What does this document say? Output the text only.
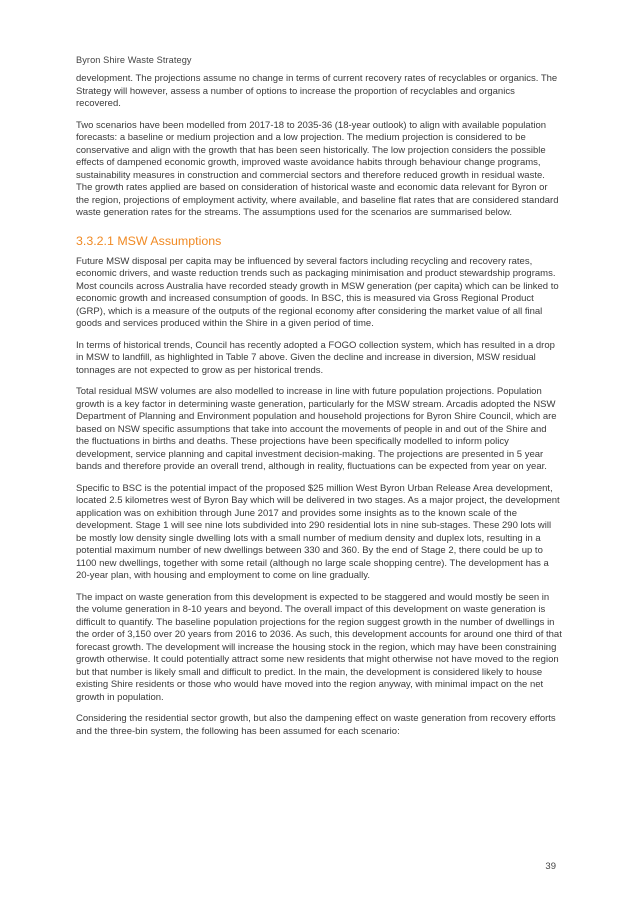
Byron Shire Waste Strategy

development. The projections assume no change in terms of current recovery rates of recyclables or organics. The Strategy will however, assess a number of options to increase the proportion of recyclables and organics recovered.

Two scenarios have been modelled from 2017-18 to 2035-36 (18-year outlook) to align with available population forecasts: a baseline or medium projection and a low projection. The medium projection is considered to be conservative and align with the growth that has been seen historically. The low projection considers the possible effects of dampened economic growth, improved waste avoidance habits through behaviour change programs, sustainability measures in construction and commercial sectors and therefore reduced growth in residual waste. The growth rates applied are based on consideration of historical waste and economic data relevant for Byron or the region, projections of employment activity, where available, and baseline flat rates that are considered standard waste generation rates for the streams. The assumptions used for the scenarios are summarised below.

3.3.2.1 MSW Assumptions

Future MSW disposal per capita may be influenced by several factors including recycling and recovery rates, economic drivers, and waste reduction trends such as packaging minimisation and product stewardship programs. Most councils across Australia have recorded steady growth in MSW generation (per capita) which can be linked to economic growth and increased consumption of goods. In BSC, this is measured via Gross Regional Product (GRP), which is a measure of the outputs of the regional economy after considering the market value of all final goods and services produced within the Shire in a given period of time.

In terms of historical trends, Council has recently adopted a FOGO collection system, which has resulted in a drop in MSW to landfill, as highlighted in Table 7 above. Given the decline and increase in diversion, MSW residual tonnages are not expected to grow as per historical trends.

Total residual MSW volumes are also modelled to increase in line with future population projections. Population growth is a key factor in determining waste generation, particularly for the MSW stream. Arcadis adopted the NSW Department of Planning and Environment population and household projections for Byron Shire Council, which are based on NSW specific assumptions that take into account the movements of people in and out of the Shire and the fluctuations in births and deaths. These projections have been specifically modelled to inform policy development, service planning and capital investment decision-making. The projections are presented in 5 year bands and therefore provide an overall trend, although in reality, fluctuations can be expected from year on year.

Specific to BSC is the potential impact of the proposed $25 million West Byron Urban Release Area development, located 2.5 kilometres west of Byron Bay which will be delivered in two stages. As a major project, the development application was on exhibition through June 2017 and provides some insights as to the known scale of the development. Stage 1 will see nine lots subdivided into 290 residential lots in nine sub-stages. These 290 lots will be mostly low density single dwelling lots with a small number of medium density and duplex lots, resulting in a potential maximum number of new dwellings between 330 and 360. By the end of Stage 2, there could be up to 1100 new dwellings, together with some retail (although no large scale shopping centre). The development has a 20-year plan, with housing and employment to come on line gradually.

The impact on waste generation from this development is expected to be staggered and would mostly be seen in the volume generation in 8-10 years and beyond. The overall impact of this development on waste generation is difficult to quantify. The baseline population projections for the region suggest growth in the number of dwellings in the order of 3,150 over 20 years from 2016 to 2036. As such, this development accounts for around one third of that forecast growth. The development will increase the housing stock in the region, which may have been constraining growth otherwise. It could potentially attract some new residents that might otherwise not have moved to the region but that number is likely small and difficult to predict. In the main, the development is considered likely to house existing Shire residents or those who would have moved into the region anyway, with minimal impact on the net growth in population.

Considering the residential sector growth, but also the dampening effect on waste generation from recovery efforts and the three-bin system, the following has been assumed for each scenario:

39
